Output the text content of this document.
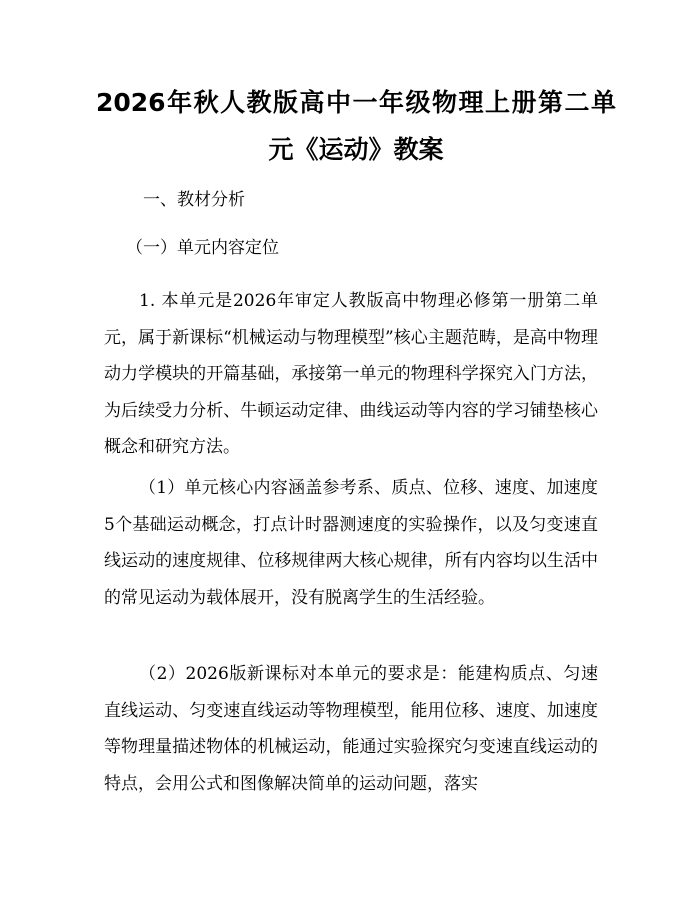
2026年秋人教版高中一年级物理上册第二单
元《运动》教案

一、教材分析

（一）单元内容定位

1. 本单元是2026年审定人教版高中物理必修第一册第二单元，属于新课标“机械运动与物理模型”核心主题范畴，是高中物理动力学模块的开篇基础，承接第一单元的物理科学探究入门方法，为后续受力分析、牛顿运动定律、曲线运动等内容的学习铺垫核心概念和研究方法。

（1）单元核心内容涵盖参考系、质点、位移、速度、加速度5个基础运动概念，打点计时器测速度的实验操作，以及匀变速直线运动的速度规律、位移规律两大核心规律，所有内容均以生活中的常见运动为载体展开，没有脱离学生的生活经验。

（2）2026版新课标对本单元的要求是：能建构质点、匀速直线运动、匀变速直线运动等物理模型，能用位移、速度、加速度等物理量描述物体的机械运动，能通过实验探究匀变速直线运动的特点，会用公式和图像解决简单的运动问题，落实
